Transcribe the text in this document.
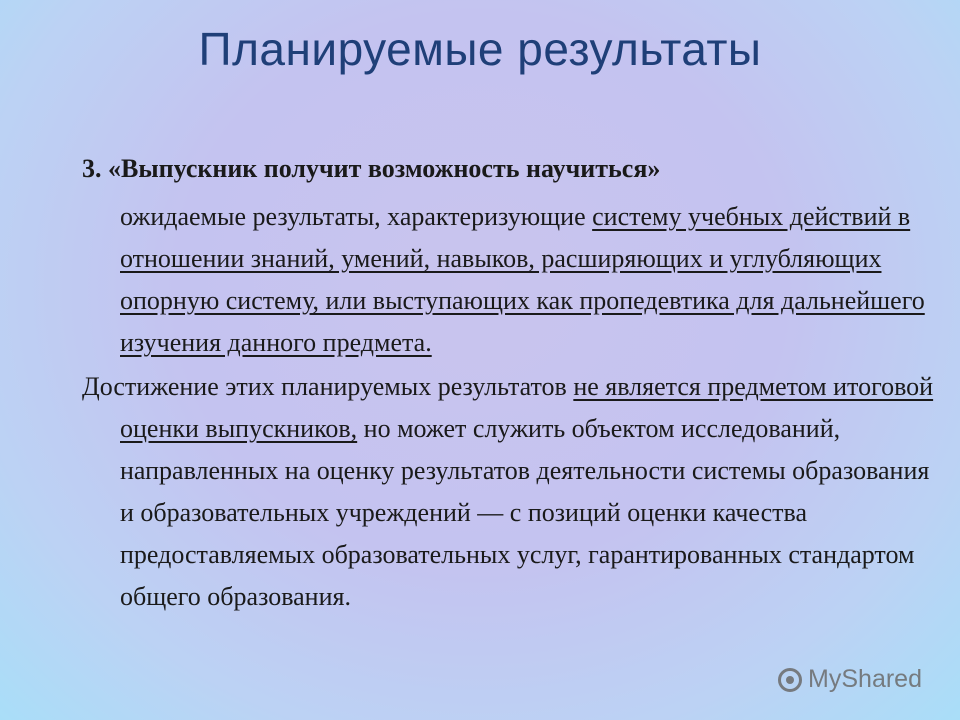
Планируемые результаты

3. «Выпускник получит возможность научиться»

ожидаемые результаты, характеризующие систему учебных действий в отношении знаний, умений, навыков, расширяющих и углубляющих опорную систему, или выступающих как пропедевтика для дальнейшего изучения данного предмета.

Достижение этих планируемых результатов не является предметом итоговой оценки выпускников, но может служить объектом исследований, направленных на оценку результатов деятельности системы образования и образовательных учреждений — с позиций оценки качества предоставляемых образовательных услуг, гарантированных стандартом общего образования.

MyShared
